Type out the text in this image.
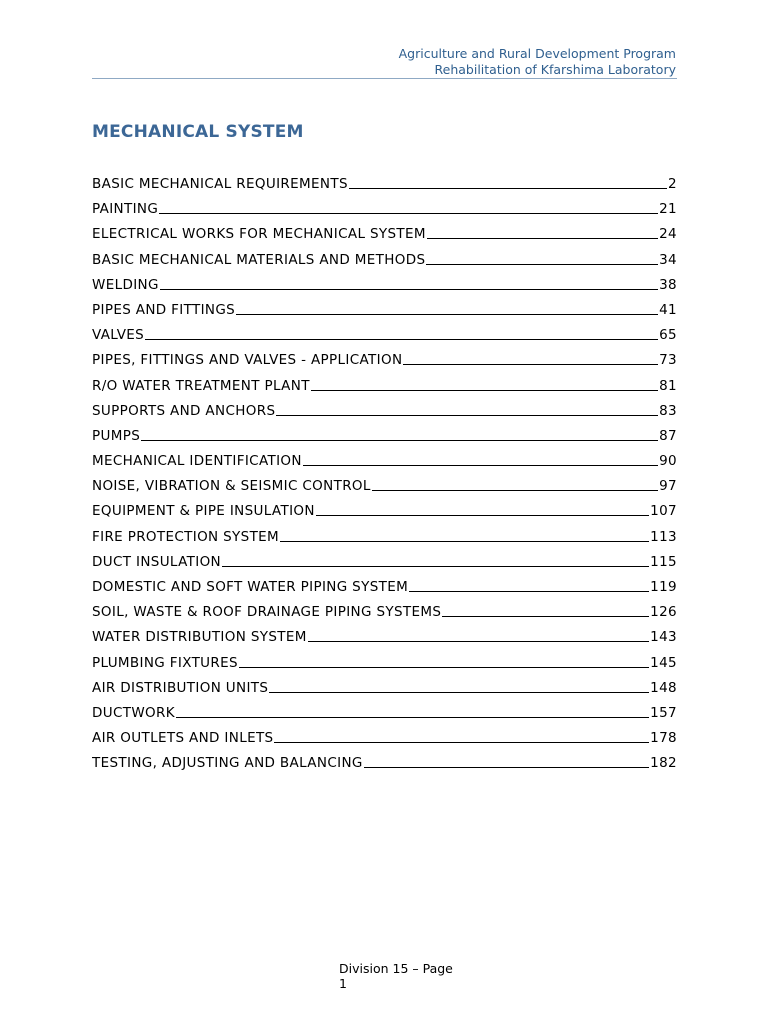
Agriculture and Rural Development Program
Rehabilitation of Kfarshima Laboratory
MECHANICAL SYSTEM
BASIC MECHANICAL REQUIREMENTS	2
PAINTING	21
ELECTRICAL WORKS FOR MECHANICAL SYSTEM	24
BASIC MECHANICAL MATERIALS AND METHODS	34
WELDING	38
PIPES AND FITTINGS	41
VALVES	65
PIPES, FITTINGS AND VALVES - APPLICATION	73
R/O WATER TREATMENT PLANT	81
SUPPORTS AND ANCHORS	83
PUMPS	87
MECHANICAL IDENTIFICATION	90
NOISE, VIBRATION & SEISMIC CONTROL	97
EQUIPMENT & PIPE INSULATION	107
FIRE PROTECTION SYSTEM	113
DUCT INSULATION	115
DOMESTIC AND SOFT WATER PIPING SYSTEM	119
SOIL, WASTE & ROOF DRAINAGE PIPING SYSTEMS	126
WATER DISTRIBUTION SYSTEM	143
PLUMBING FIXTURES	145
AIR DISTRIBUTION UNITS	148
DUCTWORK	157
AIR OUTLETS AND INLETS	178
TESTING, ADJUSTING AND BALANCING	182
Division 15 – Page
1
